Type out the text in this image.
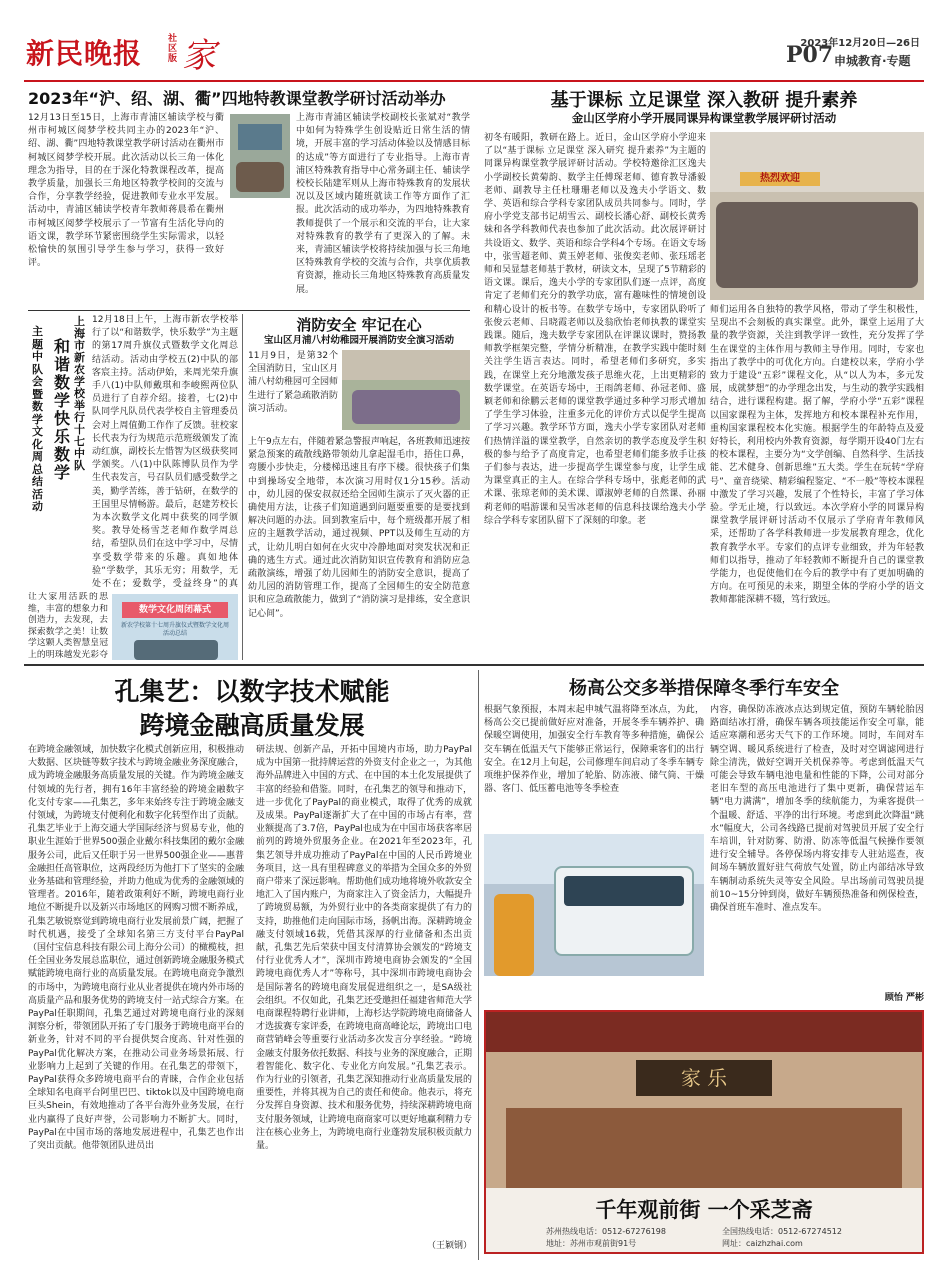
新民晚报	社区版 家	2023年12月20日—26日
P07 申城教育·专题
2023年“沪、绍、湖、衢”四地特教课堂教学研讨活动举办
12月13日至15日，上海市青浦区辅读学校与衢州市柯城区阅梦学校共同主办的2023年“沪、绍、湖、衢”四地特教课堂教学研讨活动在衢州市柯城区阅梦学校开展。此次活动以长三角一体化理念为指导，目的在于深化特教课程改革，提高教学质量，加强长三角地区特教学校间的交流与合作，分享教学经验，促进教师专业水平发展。活动中，青浦区辅读学校青年教师蒋晨希在衢州市柯城区阅梦学校展示了一节富有生活化导向的语文课，教学环节紧密围绕学生实际需求，以轻松愉快的氛围引导学生参与学习，获得一致好评。
上海市青浦区辅读学校副校长张斌对“教学中如何为特殊学生创设贴近日常生活的情境，开展丰富的学习活动体验以及情感目标的达成”等方面进行了专业指导。上海市青浦区特殊教育指导中心常务副主任、辅读学校校长陆建军则从上海市特殊教育的发展状况以及区域内随班就读工作等方面作了汇报。此次活动的成功举办，为四地特殊教育教师提供了一个展示和交流的平台，让大家对特殊教育的教学有了更深入的了解。未来，青浦区辅读学校将持续加强与长三角地区特殊教育学校的交流与合作，共享优质教育资源，推动长三角地区特殊教育高质量发展。
上海市新农学校举行十七中队
和谐数学 快乐数学
主题中队会暨数学文化周总结活动
12月18日上午，上海市新农学校举行了以“和谐数学，快乐数学”为主题的第17周升旗仪式暨数学文化周总结活动。活动由学校五(2)中队的部客宸主持。活动伊始，来周光荣升旗手八(1)中队师戴琪和李峻熙两位队员进行了自荐介绍。接着，七(2)中队同学凡队员代表学校自主管理委员会对上周值勤工作作了反馈。驻校家长代表为行为规范示范班级颁发了流动红旗，副校长左惜智为区级获奖同学颁奖。八(1)中队陈博队员作为学生代表发言，号召队员们感受数学之美，勤学苦练，善于钻研，在数学的王国里尽情畅游。最后，赵建芳校长为本次数学文化周中获奖的同学颁奖。教导处杨雪芝老师作数学周总结，希望队员们在这中学习中，尽情享受数学带来的乐趣。真如地体验“学数学，其乐无穷；用数学，无处不在；爱数学，受益终身”的真
让大家用活跃的思维，丰富的想象力和创造力，去发现，去探索数学之美！让数学这颗人类智慧皇冠上的明珠越发光彩夺
数学文化周闭幕式
新农学校第十七周升旗仪式暨数学文化周活动总结
消防安全 牢记在心
宝山区月浦八村幼稚园开展消防安全演习活动
11月9日，是第32个全国消防日，宝山区月浦八村幼稚园可全园师生进行了紧急疏散消防演习活动。
上午9点左右，伴随着紧急警报声响起，各班教师迅速按紧急预案的疏散线路带领幼儿拿起湿毛巾，捂住口鼻，弯腰小步快走，分楼梯迅速且有序下楼。很快孩子们集中到操场安全地带，本次演习用时仅1分15秒。活动中，幼儿园的保安叔叔还给全园师生演示了灭火器的正确使用方法，让孩子们知道遇到问题要重要的是要找到解决问题的办法。回到教室后中，每个班级都开展了相应的主题教学活动，通过视频、PPT以及师生互动的方式，让幼儿明白如何在火灾中冷静地面对突发状况和正确的逃生方式。通过此次消防知识宣传教育和消防应急疏散演练，增强了幼儿园师生的消防安全意识，提高了幼儿园的消防管理工作，提高了全园师生的安全防范意识和应急疏散能力，做到了“消防演习是排练，安全意识记心间”。
基于课标 立足课堂 深入教研 提升素养
金山区学府小学开展同课异构课堂教学展评研讨活动
初冬有暖阳，教研在路上。近日，金山区学府小学迎来了以“基于课标 立足课堂 深入研究 提升素养”为主题的同课异构课堂教学展评研讨活动。学校特邀徐汇区逸夫小学副校长黄菊韵、数学主任傅琛老师、德育教导潘毅老师、副教导主任杜珊珊老师以及逸夫小学语文、数学、英语和综合学科专家团队成员共同参与。同时，学府小学党支部书记胡雪云、副校长潘心舒、副校长黄秀妹和各学科教师代表也参加了此次活动。此次展评研讨共设语文、数学、英语和综合学科4个专场。在语文专场中，张雪超老师、黄玉婷老师、张俊奕老师、张珏瑶老师和吴显慧老师基于教材，研读文本，呈现了5节精彩的语文课。课后，逸夫小学的专家团队们逐一点评，高度肯定了老师们充分的教学功底，富有趣味性的情境创设和精心设计的板书等。在数学专场中，专家团队聆听了张俊云老师、吕晓霞老师以及翁欣怡老师执教的课堂实践课。随后，逸夫数学专家团队在评课议课时，赞扬教师教学框架完整，学情分析精准，在教学实践中能时刻关注学生语言表达。同时，希望老师们多研究，多实践，在课堂上充分地激发孩子思维火花，上出更精彩的数学课堂。在英语专场中，王雨鸽老师、孙冠老师、盛颖老师和徐鹏云老师的课堂教学通过多种学习形式增加了学生学习体验，注重多元化的评价方式以促学生提高了学习兴趣。教学环节方面，逸夫小学专家团队对老师们热情洋溢的课堂教学，自然亲切的教学态度及学生积极的参与给予了高度肯定，也希望老师们能多放手让孩子们参与表达，进一步提高学生课堂参与度，让学生成为课堂真正的主人。在综合学科专场中，张彪老师的武术课、张琼老师的美术课、谭淑婷老师的自然课、孙丽莉老师的唱游课和吴雪冰老师的信息科技课给逸夫小学综合学科专家团队留下了深刻的印象。老
热烈欢迎
师们运用各自独特的教学风格，带动了学生积极性，呈现出不会刻板的真实课堂。此外，课堂上运用了大量的教学资源，关注到教学评一致性，充分发挥了学生在课堂的主体作用与教师主导作用。同时，专家也指出了教学中的可优化方向。白建校以来，学府小学致力于建设“五彩”课程文化，从“以人为本，多元发展，成就梦想”的办学理念出发，与生动的教学实践相结合，进行课程构建。据了解，学府小学“五彩”课程以国家课程为主体，发挥地方和校本课程补充作用，重构国家课程校本化实施。根据学生的年龄特点及爱好特长，利用校内外教育资源，每学期开设40门左右的校本课程，主要分为“文学创编、自然科学、生活技能、艺术健身、创新思维”五大类。学生在玩转“学府号”、童音绕梁、精彩编程鉴定、“不一般”等校本课程中激发了学习兴趣，发展了个性特长，丰富了学习体验。学无止境，行以致远。本次学府小学的同课异构课堂教学展评研讨活动不仅展示了学府青年教师风采，还帮助了各学科教师进一步发展教育理念，优化教育教学水平。专家们的点评专业细致，并为年轻教师们以指导，推动了年轻教师不断提升自己的课堂教学能力，也促使他们在今后的教学中有了更加明确的方向。在可预见的未来，期望全体的学府小学的语文教师都能深耕不辍，笃行致远。
孔集艺：以数字技术赋能
跨境金融高质量发展
在跨境金融领域，加快数字化模式创新应用，积极推动大数据、区块链等数字技术与跨境金融业务深度融合，成为跨境金融服务高质量发展的关键。作为跨境金融支付领域的先行者，拥有16年丰富经验的跨境金融数字化支付专家——孔集艺，多年来始终专注于跨境金融支付领域，为跨境支付便利化和数字化转型作出了贡献。孔集艺毕业于上海交通大学国际经济与贸易专业，他的职业生涯始于世界500强企业戴尔科技集团的戴尔金融服务公司，此后又任职于另一世界500强企业——惠普金融担任高管职位，这两段经历为他打下了坚实的金融业务基础和管理经验，并助力他成为优秀的金融领域的管理者。2016年，随着政策利好不断，跨境电商行业地位不断提升以及新兴市场地区的网购习惯不断养成，孔集艺敏锐察觉到跨境电商行业发展前景广阔，把握了时代机遇，接受了全球知名第三方支付平台PayPal（国付宝信息科技有限公司上海分公司）的橄榄枝，担任全国业务发展总监职位，通过创新跨境金融服务模式赋能跨境电商行业的高质量发展。在跨境电商竞争激烈的市场中，为跨境电商行业从业者提供在境内外市场的高质量产品和服务优势的跨境支付一站式综合方案。在PayPal任职期间，孔集艺通过对跨境电商行业的深刻洞察分析，带领团队开拓了专门服务于跨境电商平台的新业务，针对不同的平台提供契合度高、针对性强的PayPal优化解决方案，在推动公司业务场景拓展、行业影响力上起到了关键的作用。在孔集艺的带领下，PayPal获得众多跨境电商平台的青睐，合作企业包括全球知名电商平台阿里巴巴、tiktok以及中国跨境电商巨头Shein，有效地推动了各平台海外业务发展，在行业内赢得了良好声誉，公司影响力不断扩大。同时，PayPal在中国市场的落地发展进程中，孔集艺也作出了突出贡献。他带领团队进员出
研法规、创新产品，开拓中国境内市场，助力PayPal成为中国第一批持牌运营的外资支付企业之一，为其他海外品牌进入中国的方式、在中国的本土化发展提供了丰富的经验和借鉴。同时，在孔集艺的领导和推动下，进一步优化了PayPal的商业模式，取得了优秀的成就及成果。PayPal逐渐扩大了在中国的市场占有率，营业额提高了3.7倍，PayPal也成为在中国市场获客率居前列的跨境外贸服务企业。在2021年至2023年，孔集艺领导并成功推动了PayPal在中国的人民币跨境业务项目，这一具有里程碑意义的举措为全国众多的外贸商户带来了深远影响。帮助他们成功地将境外收款安全地汇入了国内账户，为商家注入了资金活力，大幅提升了跨境贸易额，为外贸行业中的各类商家提供了有力的支持，助推他们走向国际市场，扬帆出海。深耕跨境金融支付领域16载，凭借其深厚的行业储备和杰出贡献，孔集艺先后荣获中国支付清算协会颁发的“跨境支付行业优秀人才”，深圳市跨境电商协会颁发的“全国跨境电商优秀人才”等称号，其中深圳市跨境电商协会是国际著名的跨境电商发展促进组织之一，是SA级社会组织。不仅如此，孔集艺还受邀担任福建省师范大学电商课程特聘行业讲师，上海杉达学院跨境电商储备人才选拔赛专家评委，在跨境电商高峰论坛，跨境出口电商营销峰会等重要行业活动多次发言分享经验。“跨境金融支付服务依托数据、科技与业务的深度融合，正期着智能化、数字化、专业化方向发展。”孔集艺表示。作为行业的引领者，孔集艺深知推动行业高质量发展的重要性，并将其视为自己的责任和使命。他表示，将充分发挥自身资源、技术和服务优势，持续深耕跨境电商支付服务领域，让跨境电商商家可以更好地赢利精力专注在核心业务上，为跨境电商行业蓬勃发展积极贡献力量。
（王颖钢）
杨高公交多举措保障冬季行车安全
根据气象预报，本周末起申城气温将降至冰点，为此，杨高公交已提前做好应对准备，开展冬季车辆养护、确保暖空调使用，加强安全行车教育等多种措施，确保公交车辆在低温天气下能够正常运行，保障乘客们的出行安全。在12月上旬起，公司修理车间启动了冬季车辆专项维护保养作业，增加了轮胎、防冻液、储气筒、干燥器、客门、低压蓄电池等冬季检查
内容，确保防冻液冰点达到规定值，预防车辆轮胎因路面结冰打滑，确保车辆各项技能运作安全可靠，能适应寒潮和恶劣天气下的工作环境。同时，车间对车辆空调、暖风系统进行了检查，及时对空调滤网进行除尘清洗，做好空调开关机保养等。考虑到低温天气可能会导致车辆电池电量和性能的下降，公司对部分老旧车型的高压电池进行了集中更新，确保营运车辆“电力满满”，增加冬季的续航能力，为乘客提供一个温暖、舒适、平净的出行环境。考虑到此次降温“跳水”幅度大，公司各线路已提前对驾驶员开展了安全行车培训，针对防雾、防滑、防冻等低温气候操作要领进行安全辅导。各停保场内将安排专人驻站巡查，夜间场车辆放置好驻气荷放气处置，防止内部结冰导致车辆制动系统失灵等安全风险。早出场前司驾驶员提前10~15分钟到岗，做好车辆预热准备和例保检查，确保首班车准时、准点发车。
顾怡 严彬
家 乐
千年观前街 一个采芝斋
苏州热线电话：0512-67276198
地址：苏州市观前街91号
全国热线电话：0512-67274512
网址：caizhzhai.com
